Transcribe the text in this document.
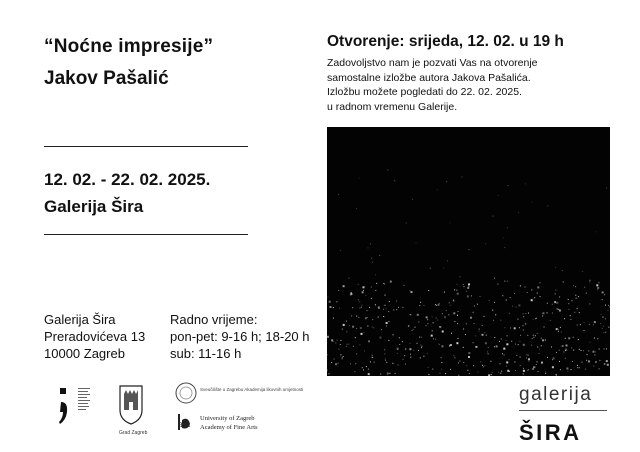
“Noćne impresije”
Jakov Pašalić
12. 02. - 22. 02. 2025.
Galerija Šira
Galerija Šira
Preradovićeva 13
10000 Zagreb
Radno vrijeme:
pon-pet: 9-16 h; 18-20 h
sub: 11-16 h
Otvorenje: srijeda, 12. 02. u 19 h
Zadovoljstvo nam je pozvati Vas na otvorenje
samostalne izložbe autora Jakova Pašalića.
Izložbu možete pogledati do 22. 02. 2025.
u radnom vremenu Galerije.
Grad Zagreb
alu
Sveučilište u Zagrebu Akademija likovnih umjetnosti
University of Zagreb
Academy of Fine Arts
galerija
ŠIRA
